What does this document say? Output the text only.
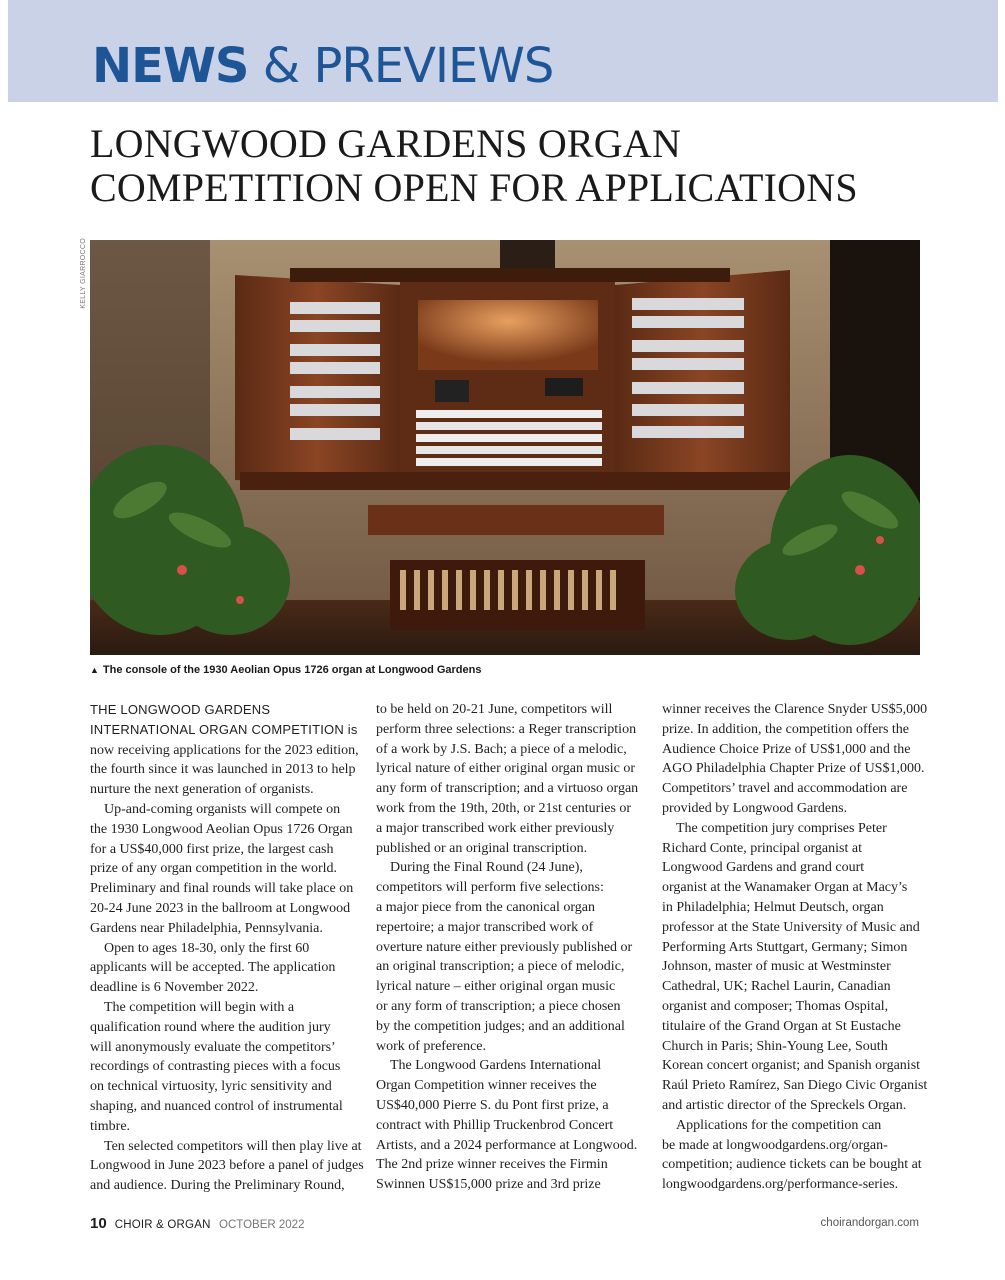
NEWS & PREVIEWS
LONGWOOD GARDENS ORGAN
COMPETITION OPEN FOR APPLICATIONS
KELLY GIARROCCO
▲ The console of the 1930 Aeolian Opus 1726 organ at Longwood Gardens

THE LONGWOOD GARDENS

INTERNATIONAL ORGAN COMPETITION is

now receiving applications for the 2023 edition,

the fourth since it was launched in 2013 to help

nurture the next generation of organists.

Up-and-coming organists will compete on

the 1930 Longwood Aeolian Opus 1726 Organ

for a US$40,000 first prize, the largest cash

prize of any organ competition in the world.

Preliminary and final rounds will take place on

20-24 June 2023 in the ballroom at Longwood

Gardens near Philadelphia, Pennsylvania.

Open to ages 18-30, only the first 60

applicants will be accepted. The application

deadline is 6 November 2022.

The competition will begin with a

qualification round where the audition jury

will anonymously evaluate the competitors’

recordings of contrasting pieces with a focus

on technical virtuosity, lyric sensitivity and

shaping, and nuanced control of instrumental

timbre.

Ten selected competitors will then play live at

Longwood in June 2023 before a panel of judges

and audience. During the Preliminary Round,

to be held on 20-21 June, competitors will

perform three selections: a Reger transcription

of a work by J.S. Bach; a piece of a melodic,

lyrical nature of either original organ music or

any form of transcription; and a virtuoso organ

work from the 19th, 20th, or 21st centuries or

a major transcribed work either previously

published or an original transcription.

During the Final Round (24 June),

competitors will perform five selections:

a major piece from the canonical organ

repertoire; a major transcribed work of

overture nature either previously published or

an original transcription; a piece of melodic,

lyrical nature – either original organ music

or any form of transcription; a piece chosen

by the competition judges; and an additional

work of preference.

The Longwood Gardens International

Organ Competition winner receives the

US$40,000 Pierre S. du Pont first prize, a

contract with Phillip Truckenbrod Concert

Artists, and a 2024 performance at Longwood.

The 2nd prize winner receives the Firmin

Swinnen US$15,000 prize and 3rd prize

winner receives the Clarence Snyder US$5,000

prize. In addition, the competition offers the

Audience Choice Prize of US$1,000 and the

AGO Philadelphia Chapter Prize of US$1,000.

Competitors’ travel and accommodation are

provided by Longwood Gardens.

The competition jury comprises Peter

Richard Conte, principal organist at

Longwood Gardens and grand court

organist at the Wanamaker Organ at Macy’s

in Philadelphia; Helmut Deutsch, organ

professor at the State University of Music and

Performing Arts Stuttgart, Germany; Simon

Johnson, master of music at Westminster

Cathedral, UK; Rachel Laurin, Canadian

organist and composer; Thomas Ospital,

titulaire of the Grand Organ at St Eustache

Church in Paris; Shin-Young Lee, South

Korean concert organist; and Spanish organist

Raúl Prieto Ramírez, San Diego Civic Organist

and artistic director of the Spreckels Organ.

Applications for the competition can

be made at longwoodgardens.org/organ-

competition; audience tickets can be bought at

longwoodgardens.org/performance-series.

10 CHOIR & ORGAN OCTOBER 2022	choirandorgan.com
